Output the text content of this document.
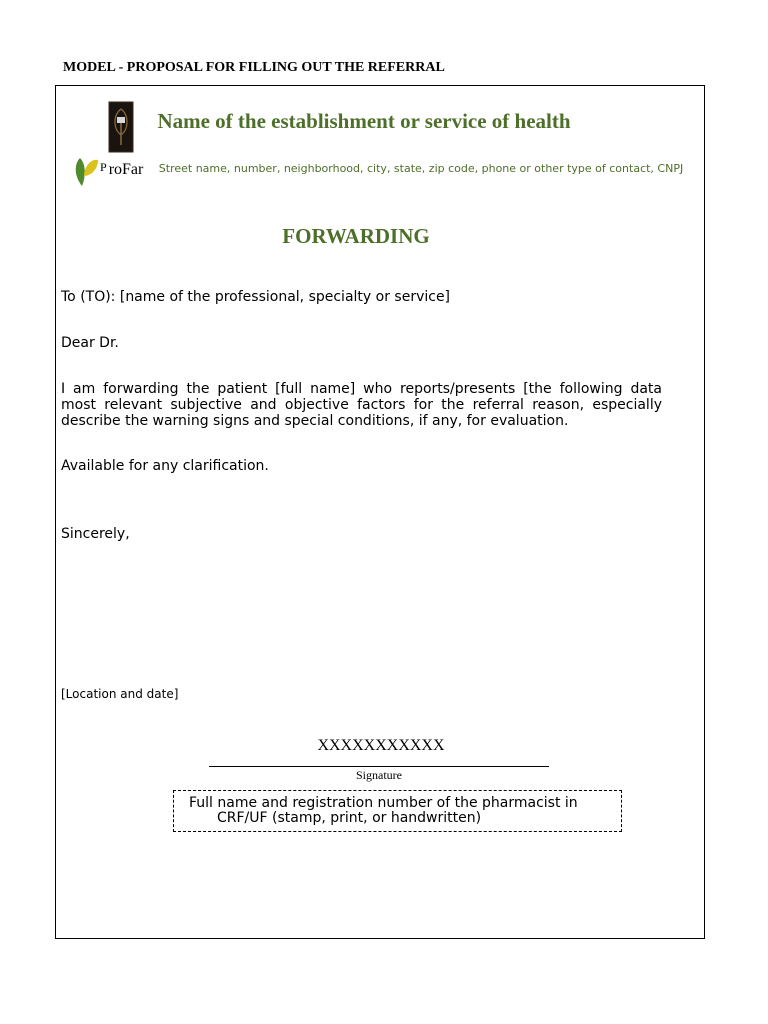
MODEL - PROPOSAL FOR FILLING OUT THE REFERRAL
P roFar
Name of the establishment or service of health
Street name, number, neighborhood, city, state, zip code, phone or other type of contact, CNPJ
FORWARDING
To (TO): [name of the professional, specialty or service]
Dear Dr.
I am forwarding the patient [full name] who reports/presents [the following data most relevant subjective and objective factors for the referral reason, especially describe the warning signs and special conditions, if any, for evaluation.
Available for any clarification.
Sincerely,
[Location and date]
XXXXXXXXXXX
Signature
Full name and registration number of the pharmacist in
CRF/UF (stamp, print, or handwritten)
